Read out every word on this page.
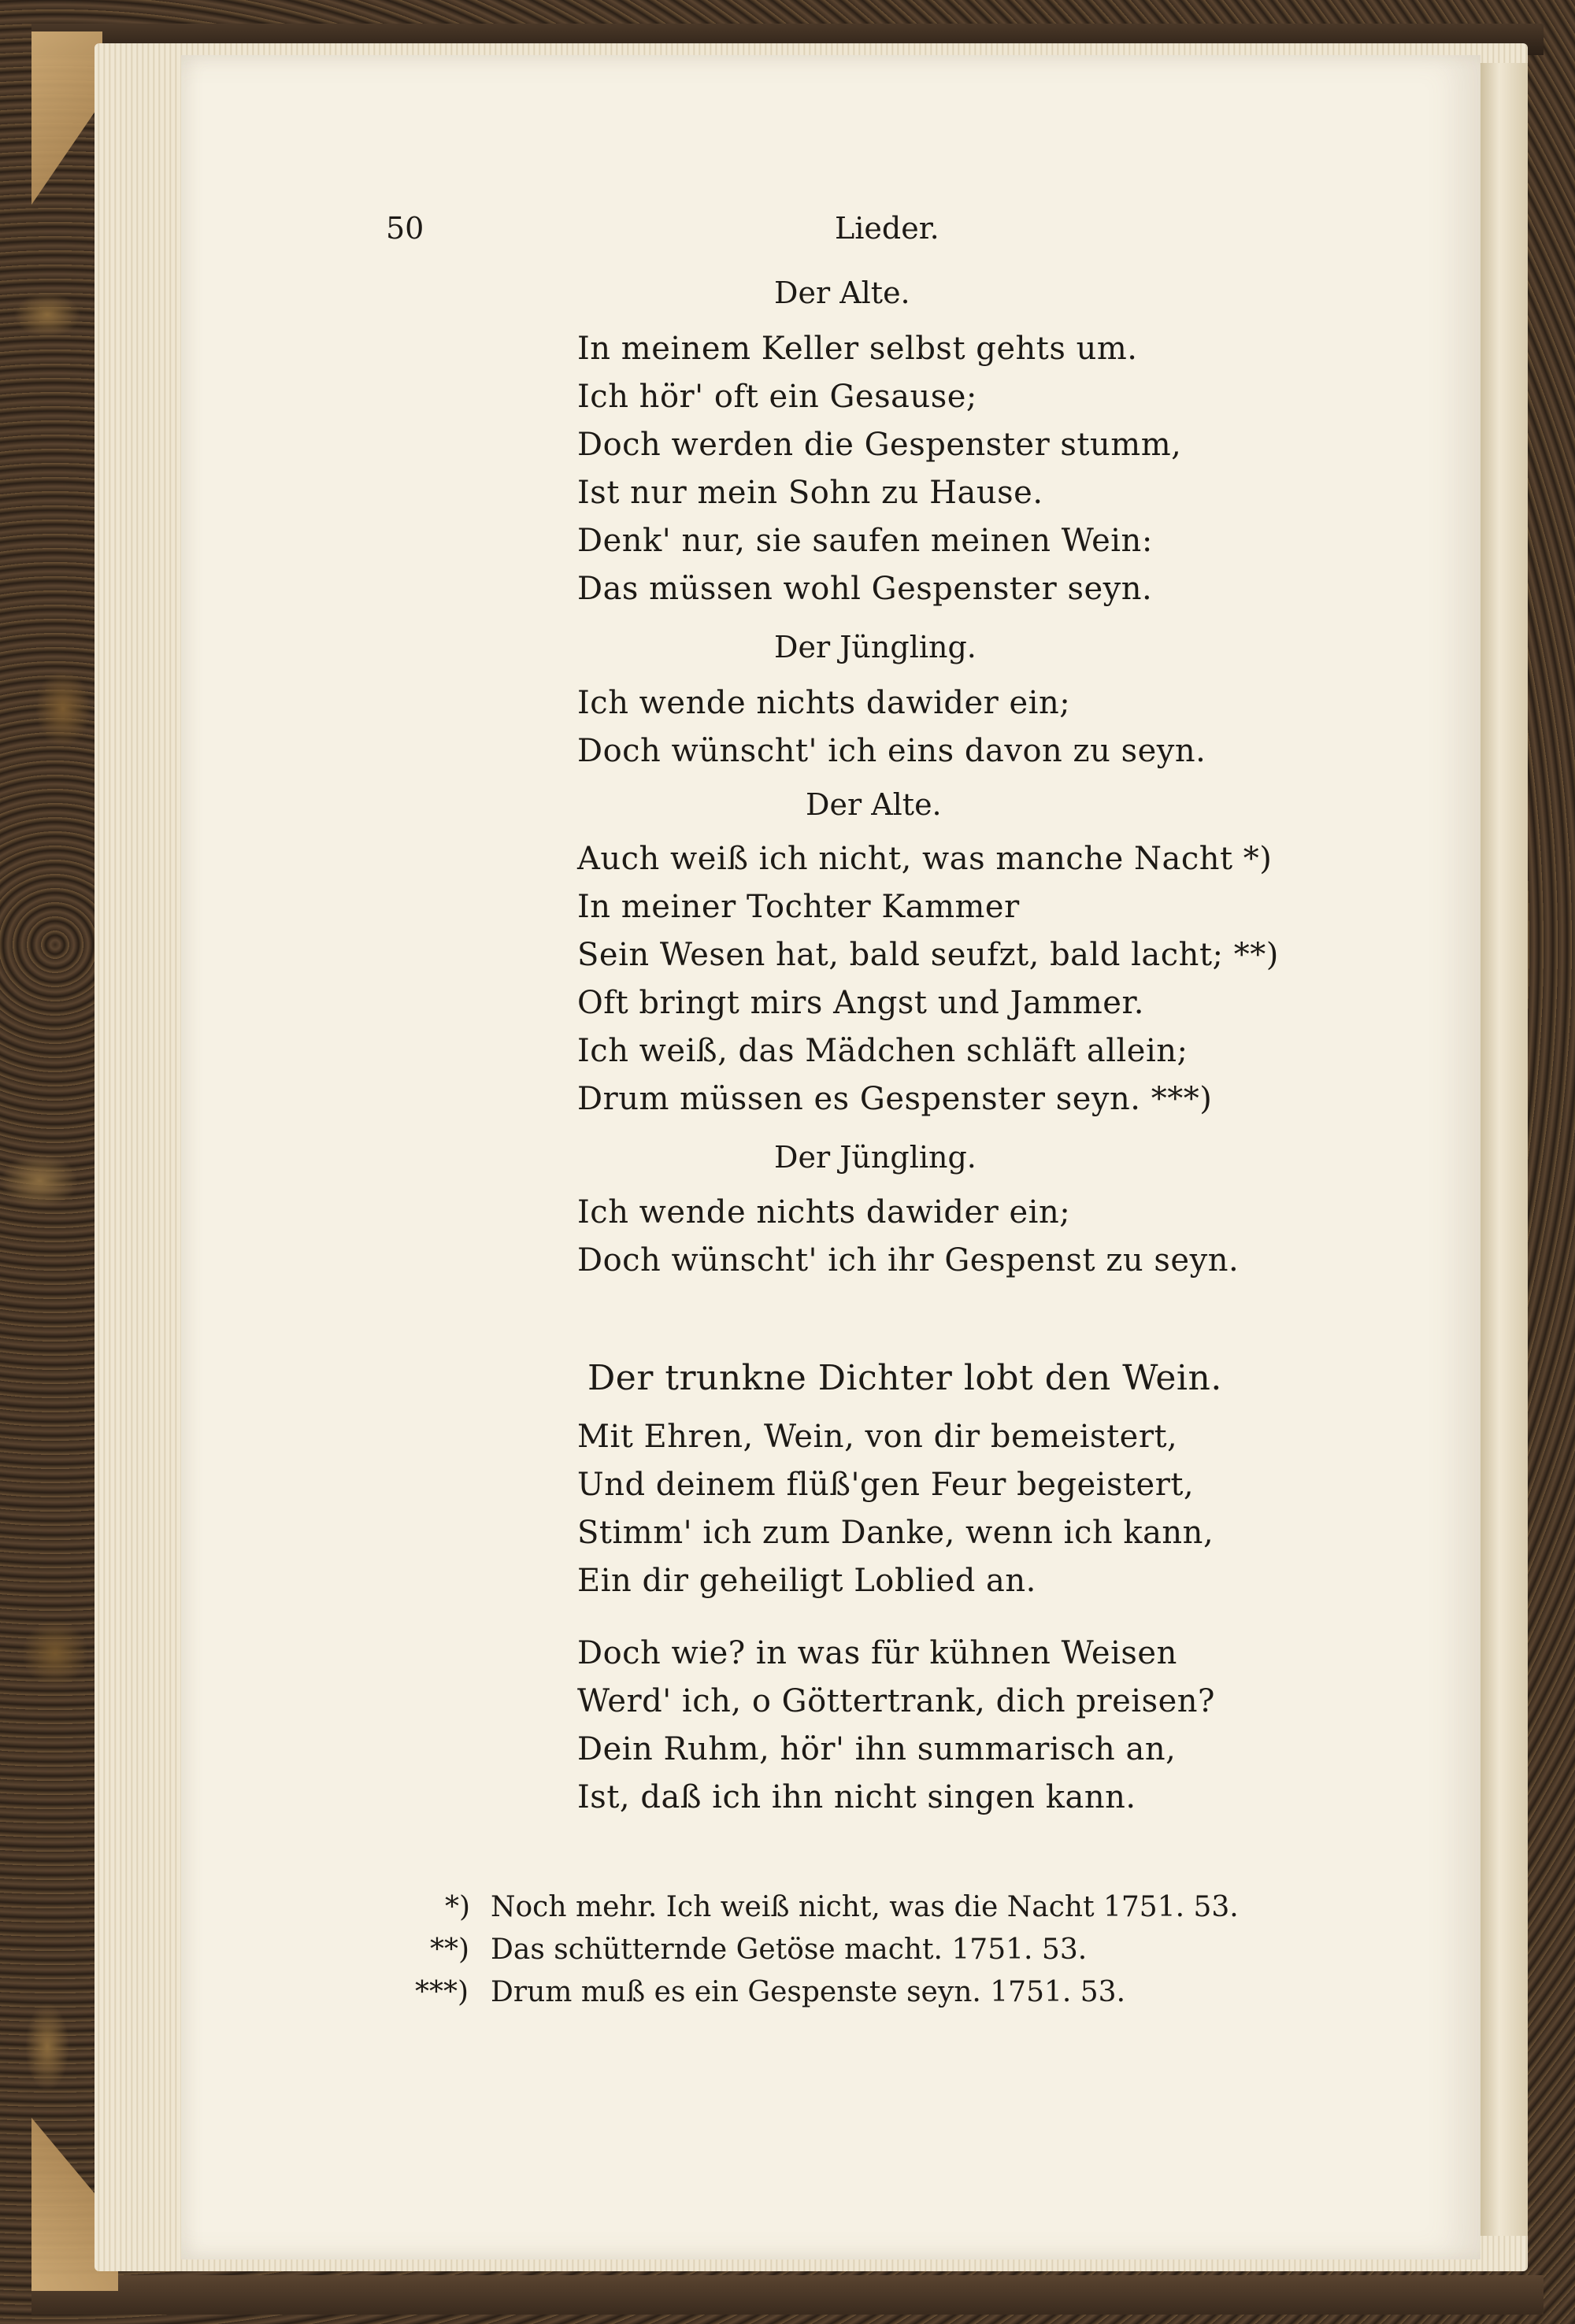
50	Lieder.
Der Alte.
In meinem Keller selbst gehts um.
Ich hör' oft ein Gesause;
Doch werden die Gespenster stumm,
Ist nur mein Sohn zu Hause.
Denk' nur, sie saufen meinen Wein:
Das müssen wohl Gespenster seyn.
Der Jüngling.
Ich wende nichts dawider ein;
Doch wünscht' ich eins davon zu seyn.
Der Alte.
Auch weiß ich nicht, was manche Nacht *)
In meiner Tochter Kammer
Sein Wesen hat, bald seufzt, bald lacht; **)
Oft bringt mirs Angst und Jammer.
Ich weiß, das Mädchen schläft allein;
Drum müssen es Gespenster seyn. ***)
Der Jüngling.
Ich wende nichts dawider ein;
Doch wünscht' ich ihr Gespenst zu seyn.
Der trunkne Dichter lobt den Wein.
Mit Ehren, Wein, von dir bemeistert,
Und deinem flüß'gen Feur begeistert,
Stimm' ich zum Danke, wenn ich kann,
Ein dir geheiligt Loblied an.
Doch wie? in was für kühnen Weisen
Werd' ich, o Göttertrank, dich preisen?
Dein Ruhm, hör' ihn summarisch an,
Ist, daß ich ihn nicht singen kann.
*) Noch mehr. Ich weiß nicht, was die Nacht 1751. 53.
**) Das schütternde Getöse macht. 1751. 53.
***) Drum muß es ein Gespenste seyn. 1751. 53.
